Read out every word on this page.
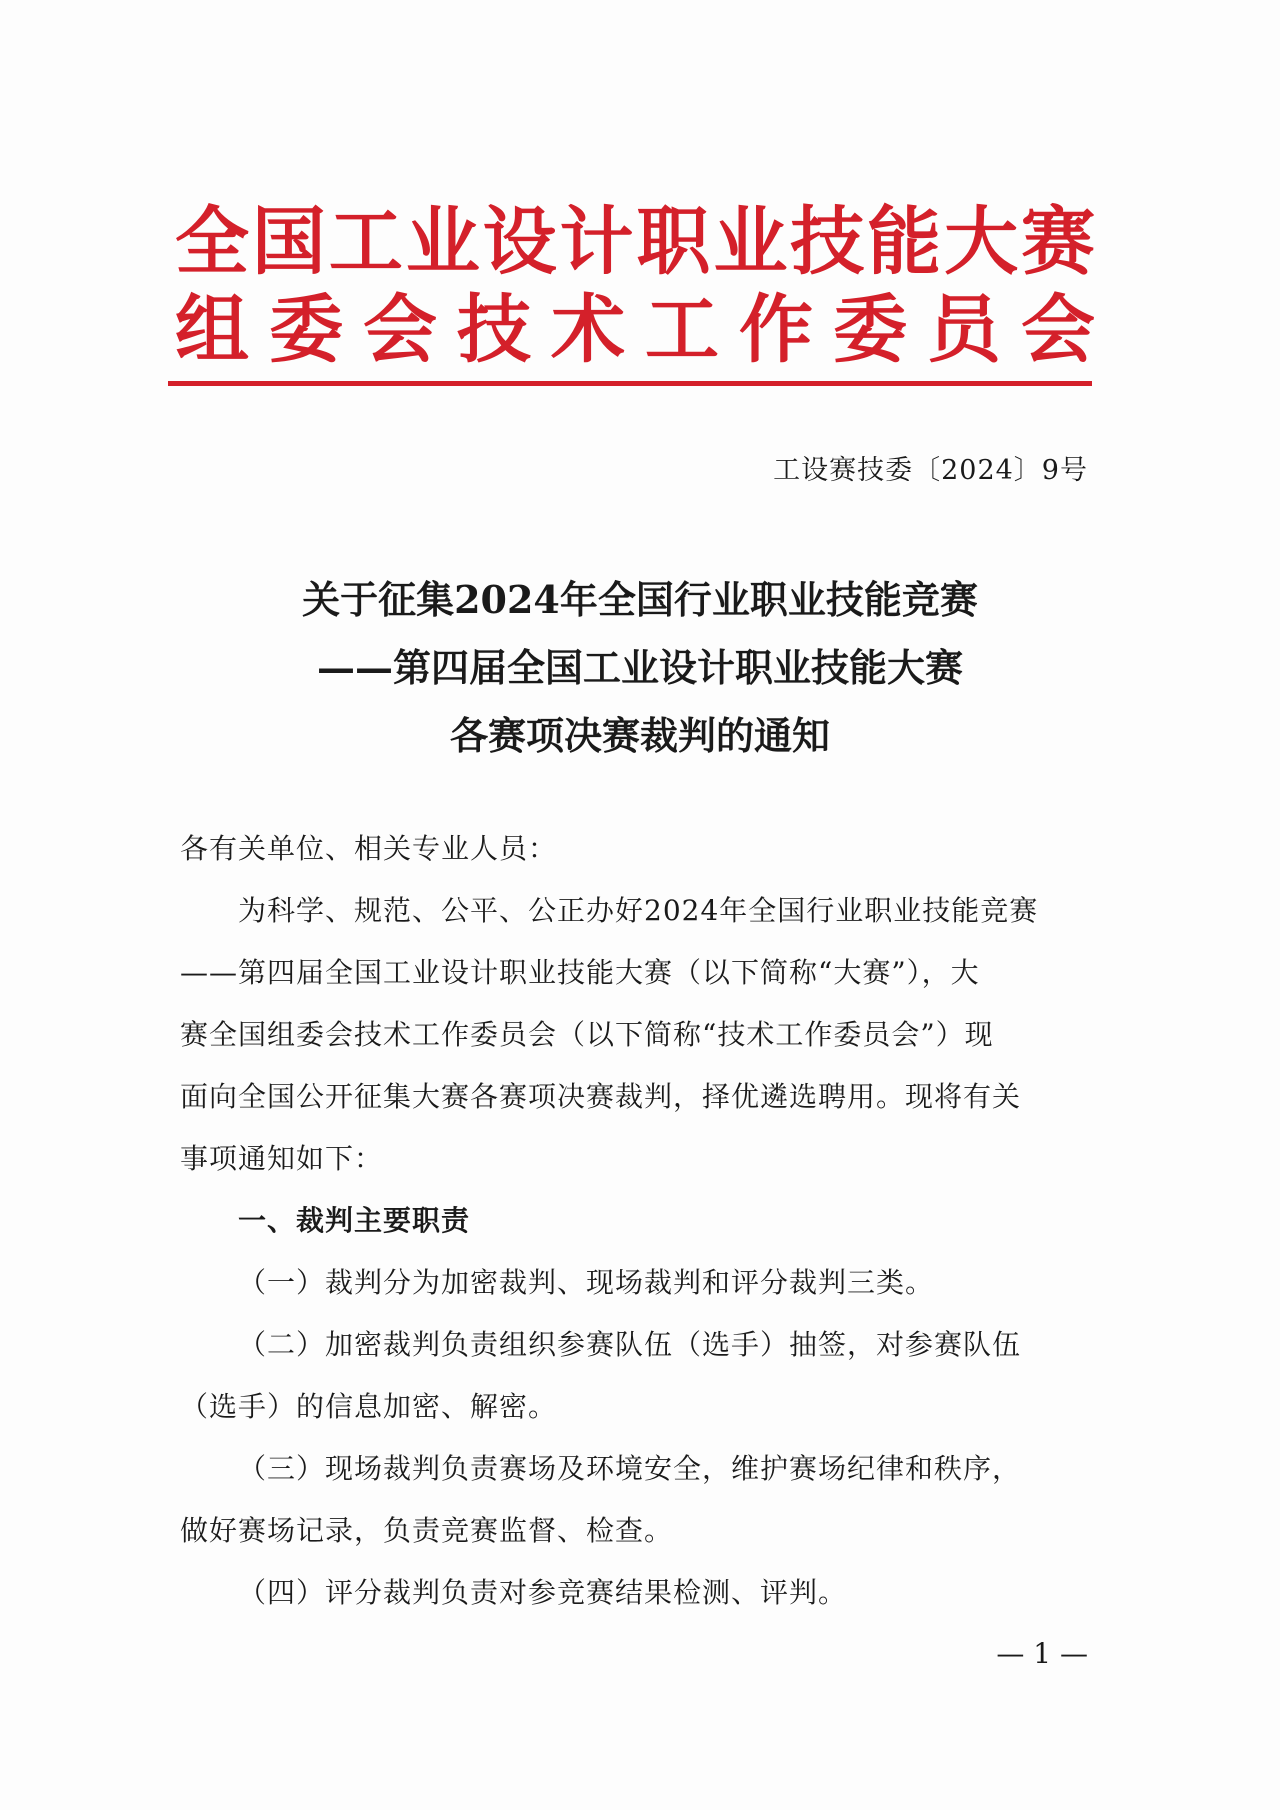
全 国 工 业 设 计 职 业 技 能 大 赛
组 委 会 技 术 工 作 委 员 会
工设赛技委〔2024〕9号
关于征集2024年全国行业职业技能竞赛
——第四届全国工业设计职业技能大赛
各赛项决赛裁判的通知
各有关单位、相关专业人员：
为科学、规范、公平、公正办好2024年全国行业职业技能竞赛
——第四届全国工业设计职业技能大赛（以下简称“大赛”），大
赛全国组委会技术工作委员会（以下简称“技术工作委员会”）现
面向全国公开征集大赛各赛项决赛裁判，择优遴选聘用。现将有关
事项通知如下：
一、裁判主要职责
（一）裁判分为加密裁判、现场裁判和评分裁判三类。
（二）加密裁判负责组织参赛队伍（选手）抽签，对参赛队伍
（选手）的信息加密、解密。
（三）现场裁判负责赛场及环境安全，维护赛场纪律和秩序，
做好赛场记录，负责竞赛监督、检查。
（四）评分裁判负责对参竞赛结果检测、评判。
— 1 —
